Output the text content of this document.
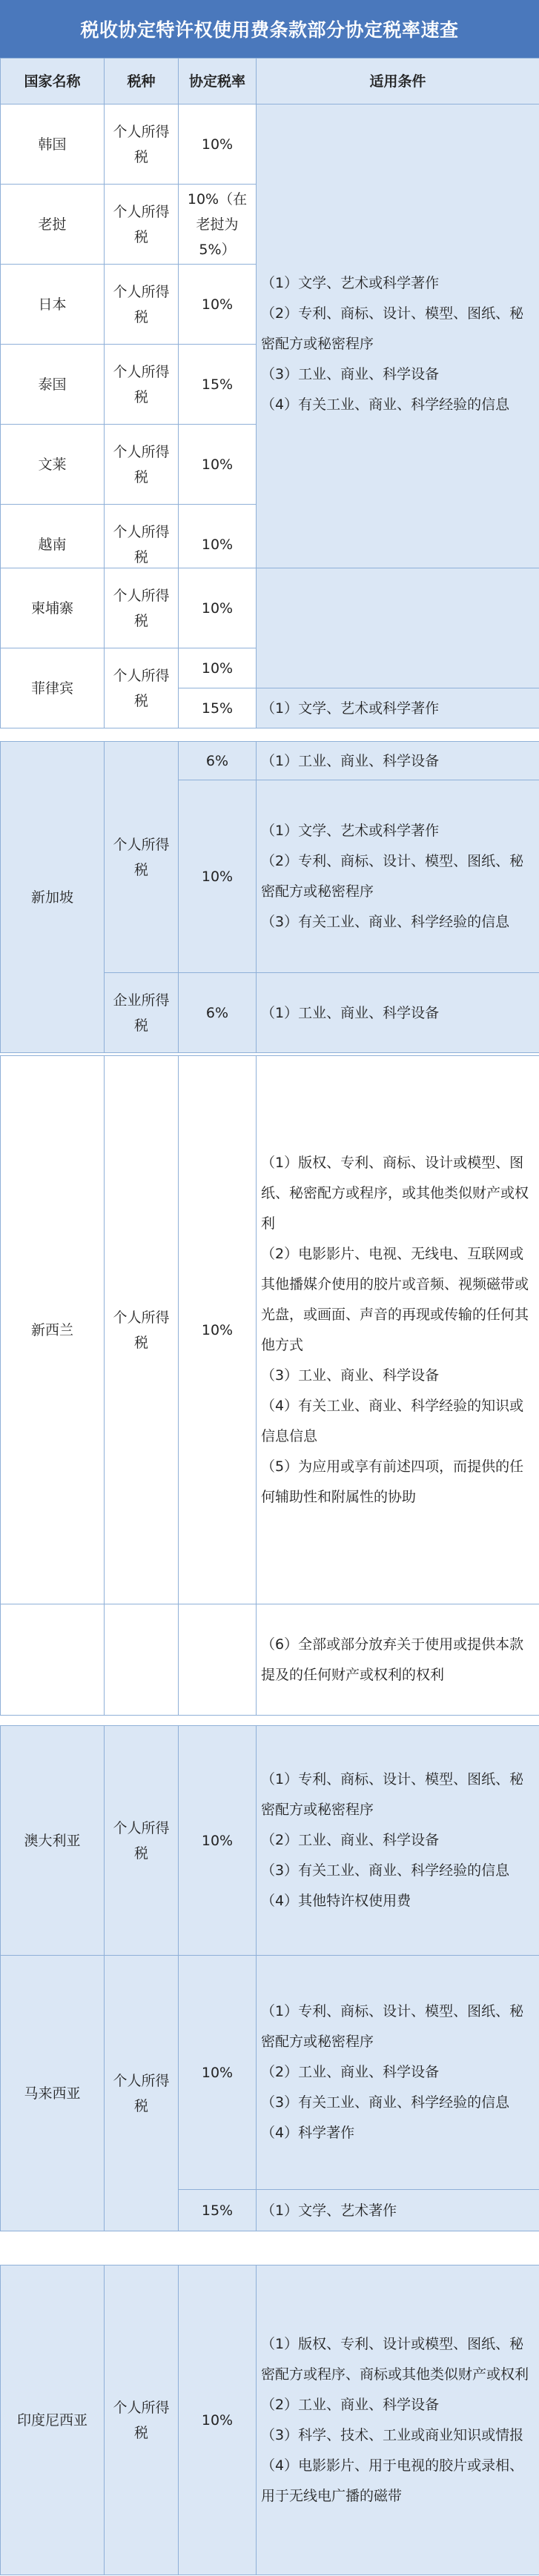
税收协定特许权使用费条款部分协定税率速查
国家名称	税种	协定税率	适用条件
韩国	个人所得税	10%	（1）文学、艺术或科学著作
（2）专利、商标、设计、模型、图纸、秘密配方或秘密程序
（3）工业、商业、科学设备
（4）有关工业、商业、科学经验的信息

老挝	个人所得税	10%（在老挝为5%）	
日本	个人所得税	10%	
泰国	个人所得税	15%	
文莱	个人所得税	10%	
越南	个人所得税	10%	
柬埔寨	个人所得税	10%	
菲律宾	个人所得税	10%	
		15%	（1）文学、艺术或科学著作
新加坡	个人所得税	6%	（1）工业、商业、科学设备
		10%	（1）文学、艺术或科学著作
（2）专利、商标、设计、模型、图纸、秘密配方或秘密程序
（3）有关工业、商业、科学经验的信息

	企业所得税	6%	（1）工业、商业、科学设备
新西兰	个人所得税	10%	（1）版权、专利、商标、设计或模型、图纸、秘密配方或程序，或其他类似财产或权利
（2）电影影片、电视、无线电、互联网或其他播媒介使用的胶片或音频、视频磁带或光盘，或画面、声音的再现或传输的任何其他方式
（3）工业、商业、科学设备
（4）有关工业、商业、科学经验的知识或信息信息
（5）为应用或享有前述四项，而提供的任何辅助性和附属性的协助

			（6）全部或部分放弃关于使用或提供本款提及的任何财产或权利的权利
澳大利亚	个人所得税	10%	（1）专利、商标、设计、模型、图纸、秘密配方或秘密程序
（2）工业、商业、科学设备
（3）有关工业、商业、科学经验的信息
（4）其他特许权使用费

马来西亚	个人所得税	10%	（1）专利、商标、设计、模型、图纸、秘密配方或秘密程序
（2）工业、商业、科学设备
（3）有关工业、商业、科学经验的信息
（4）科学著作

		15%	（1）文学、艺术著作
印度尼西亚	个人所得税	10%	
（1）版权、专利、设计或模型、图纸、秘密配方或程序、商标或其他类似财产或权利
（2）工业、商业、科学设备
（3）科学、技术、工业或商业知识或情报
（4）电影影片、用于电视的胶片或录相、用于无线电广播的磁带
